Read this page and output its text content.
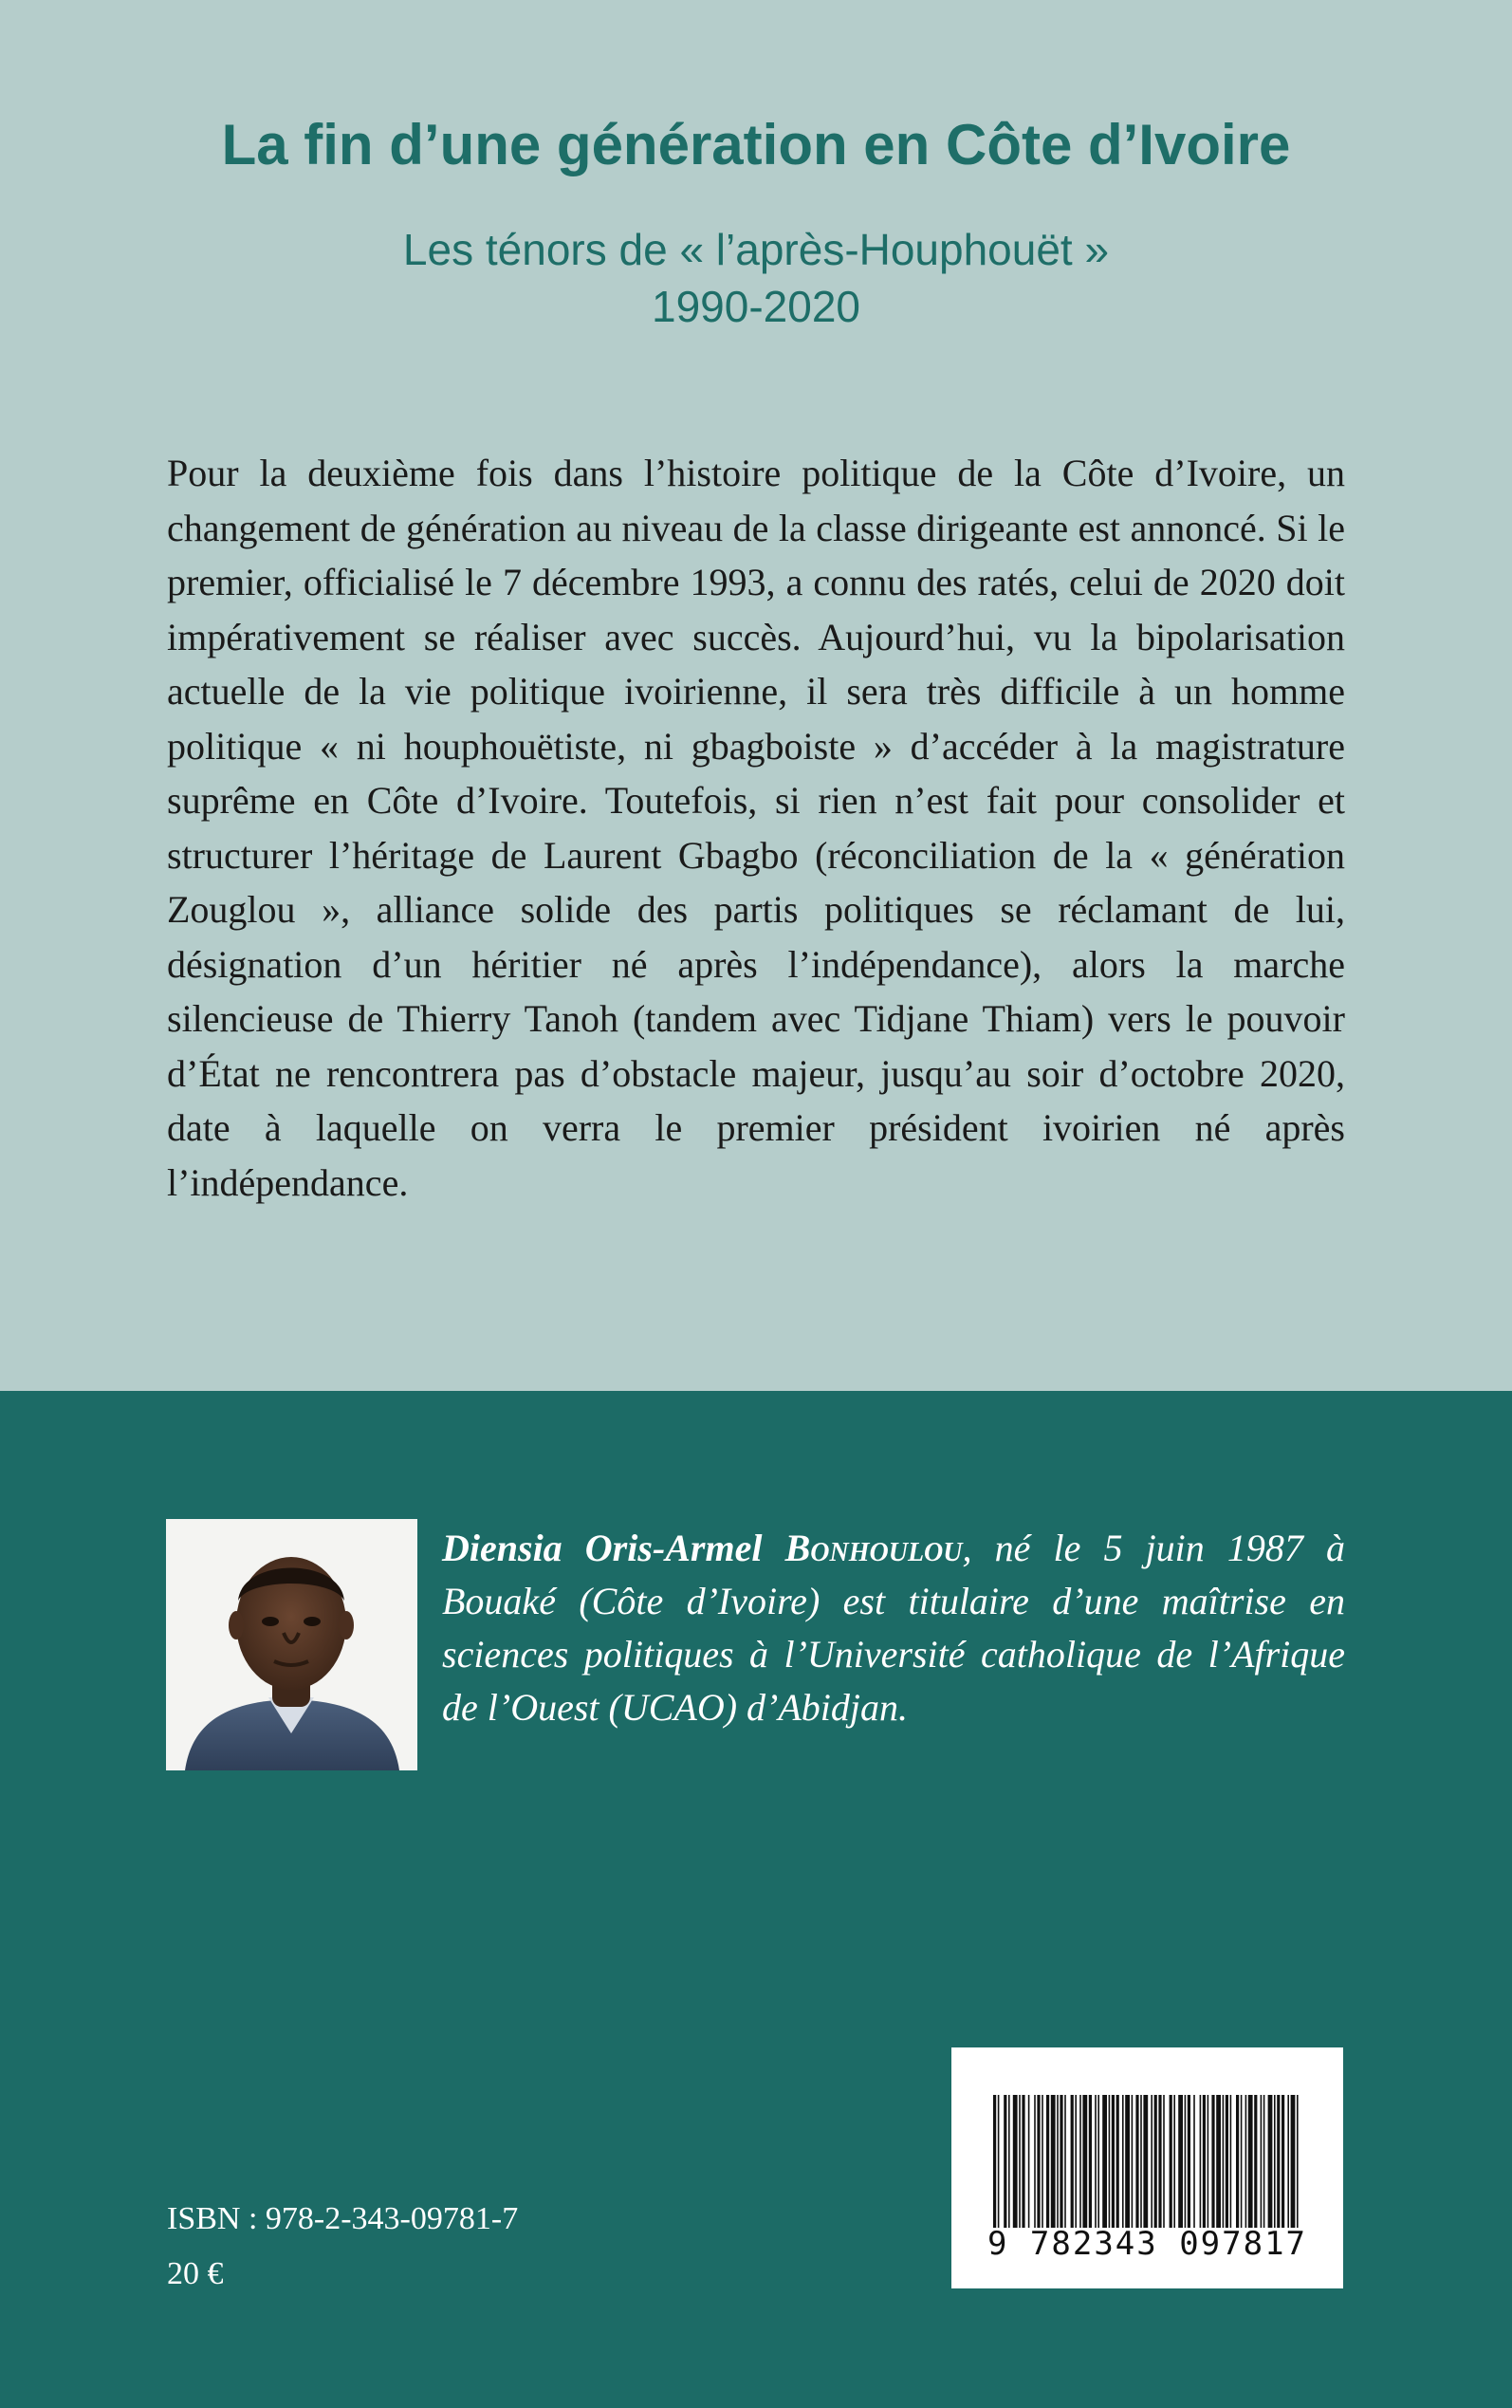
La fin d’une génération en Côte d’Ivoire
Les ténors de « l’après-Houphouët »
1990-2020

Pour la deuxième fois dans l’histoire politique de la Côte d’Ivoire, un changement de génération au niveau de la classe dirigeante est annoncé. Si le premier, officialisé le 7 décembre 1993, a connu des ratés, celui de 2020 doit impérativement se réaliser avec succès. Aujourd’hui, vu la bipolarisation actuelle de la vie politique ivoirienne, il sera très difficile à un homme politique « ni houphouëtiste, ni gbagboiste » d’accéder à la magistrature suprême en Côte d’Ivoire. Toutefois, si rien n’est fait pour consolider et structurer l’héritage de Laurent Gbagbo (réconciliation de la « génération Zouglou », alliance solide des partis politiques se réclamant de lui, désignation d’un héritier né après l’indépendance), alors la marche silencieuse de Thierry Tanoh (tandem avec Tidjane Thiam) vers le pouvoir d’État ne rencontrera pas d’obstacle majeur, jusqu’au soir d’octobre 2020, date à laquelle on verra le premier président ivoirien né après l’indépendance.

Diensia Oris-Armel Bonhoulou, né le 5 juin 1987 à Bouaké (Côte d’Ivoire) est titulaire d’une maîtrise en sciences politiques à l’Université catholique de l’Afrique de l’Ouest (UCAO) d’Abidjan.

ISBN : 978-2-343-09781-7
20 €
9 782343 097817
